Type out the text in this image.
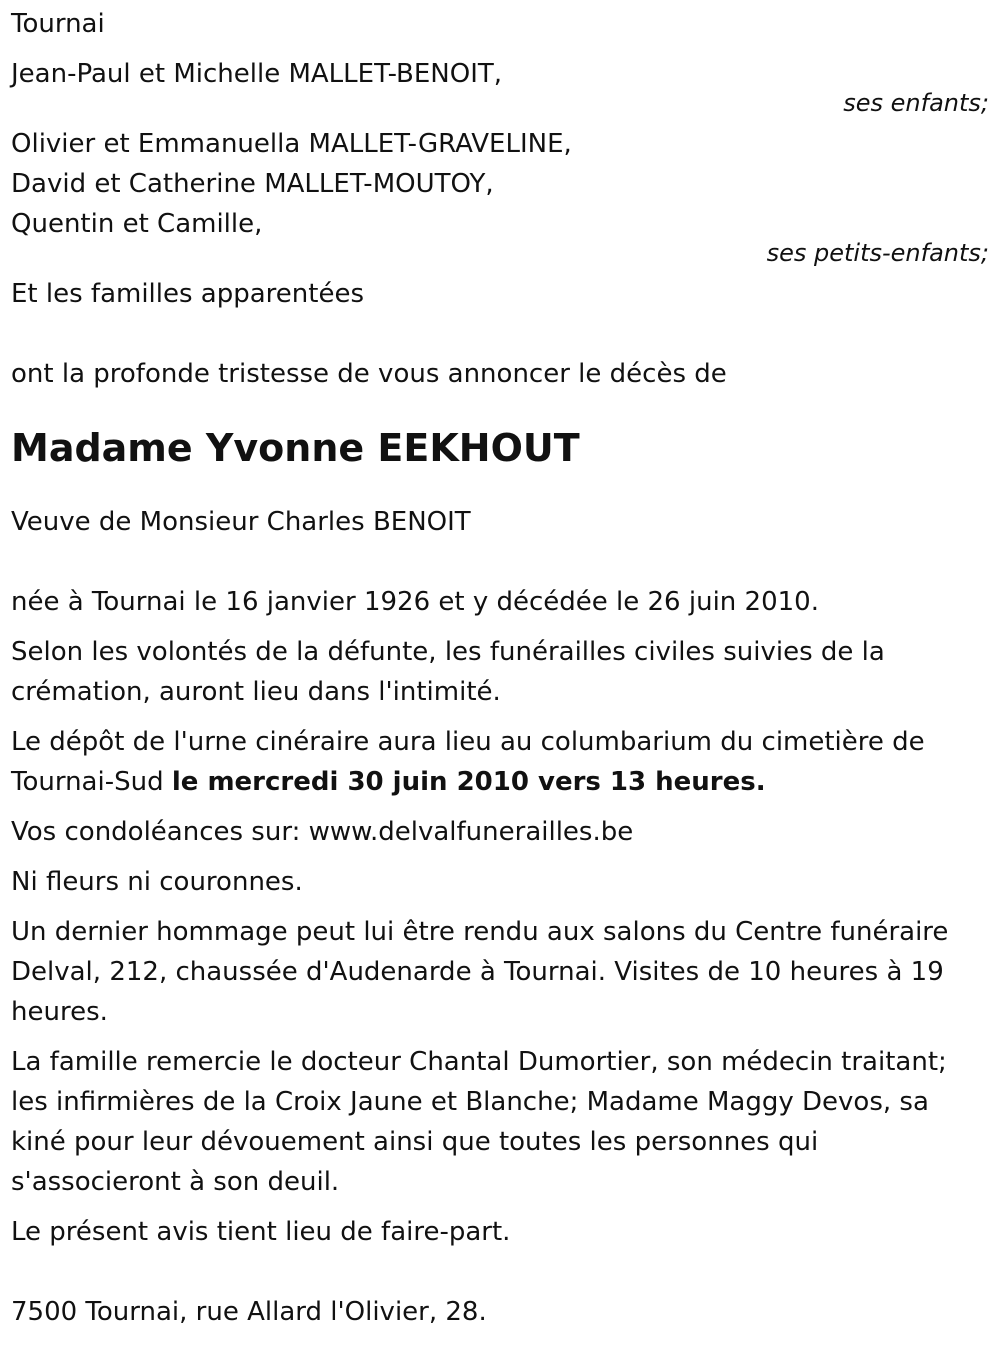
Tournai
Jean-Paul et Michelle MALLET-BENOIT,
ses enfants;
Olivier et Emmanuella MALLET-GRAVELINE,
David et Catherine MALLET-MOUTOY,
Quentin et Camille,
ses petits-enfants;
Et les familles apparentées
ont la profonde tristesse de vous annoncer le décès de
Madame Yvonne EEKHOUT
Veuve de Monsieur Charles BENOIT
née à Tournai le 16 janvier 1926 et y décédée le 26 juin 2010.
Selon les volontés de la défunte, les funérailles civiles suivies de la crémation, auront lieu dans l'intimité.
Le dépôt de l'urne cinéraire aura lieu au columbarium du cimetière de Tournai-Sud le mercredi 30 juin 2010 vers 13 heures.
Vos condoléances sur: www.delvalfunerailles.be
Ni fleurs ni couronnes.
Un dernier hommage peut lui être rendu aux salons du Centre funéraire Delval, 212, chaussée d'Audenarde à Tournai. Visites de 10 heures à 19 heures.
La famille remercie le docteur Chantal Dumortier, son médecin traitant; les infirmières de la Croix Jaune et Blanche; Madame Maggy Devos, sa kiné pour leur dévouement ainsi que toutes les personnes qui s'associeront à son deuil.
Le présent avis tient lieu de faire-part.
7500 Tournai, rue Allard l'Olivier, 28.
